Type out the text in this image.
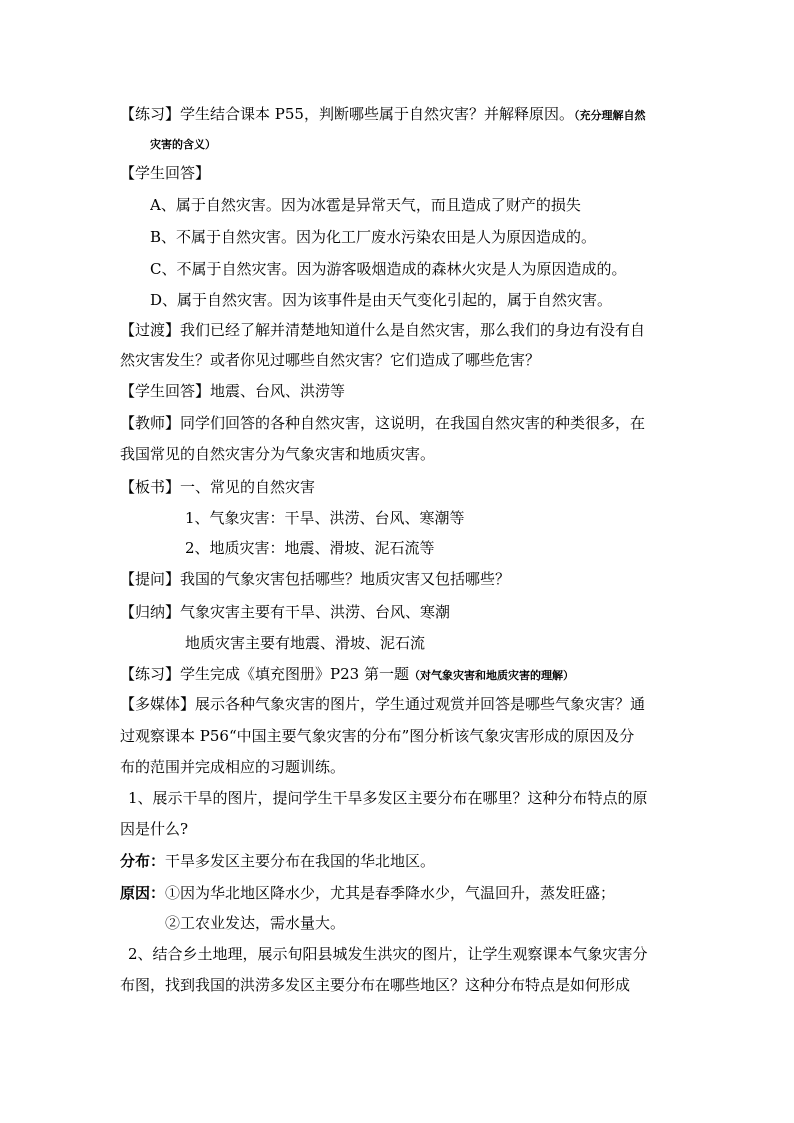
【练习】学生结合课本 P55，判断哪些属于自然灾害？并解释原因。（充分理解自然
灾害的含义）
【学生回答】
A、属于自然灾害。因为冰雹是异常天气，而且造成了财产的损失
B、不属于自然灾害。因为化工厂废水污染农田是人为原因造成的。
C、不属于自然灾害。因为游客吸烟造成的森林火灾是人为原因造成的。
D、属于自然灾害。因为该事件是由天气变化引起的，属于自然灾害。
【过渡】我们已经了解并清楚地知道什么是自然灾害，那么我们的身边有没有自
然灾害发生？或者你见过哪些自然灾害？它们造成了哪些危害？
【学生回答】地震、台风、洪涝等
【教师】同学们回答的各种自然灾害，这说明，在我国自然灾害的种类很多，在
我国常见的自然灾害分为气象灾害和地质灾害。
【板书】一、常见的自然灾害
1、气象灾害：干旱、洪涝、台风、寒潮等
2、地质灾害：地震、滑坡、泥石流等
【提问】我国的气象灾害包括哪些？地质灾害又包括哪些？
【归纳】气象灾害主要有干旱、洪涝、台风、寒潮
地质灾害主要有地震、滑坡、泥石流
【练习】学生完成《填充图册》P23 第一题（对气象灾害和地质灾害的理解）
【多媒体】展示各种气象灾害的图片，学生通过观赏并回答是哪些气象灾害？通
过观察课本 P56“中国主要气象灾害的分布”图分析该气象灾害形成的原因及分
布的范围并完成相应的习题训练。
1、展示干旱的图片，提问学生干旱多发区主要分布在哪里？这种分布特点的原
因是什么?
分布：干旱多发区主要分布在我国的华北地区。
原因：①因为华北地区降水少，尤其是春季降水少，气温回升，蒸发旺盛；
②工农业发达，需水量大。
2、结合乡土地理，展示旬阳县城发生洪灾的图片，让学生观察课本气象灾害分
布图，找到我国的洪涝多发区主要分布在哪些地区？这种分布特点是如何形成
